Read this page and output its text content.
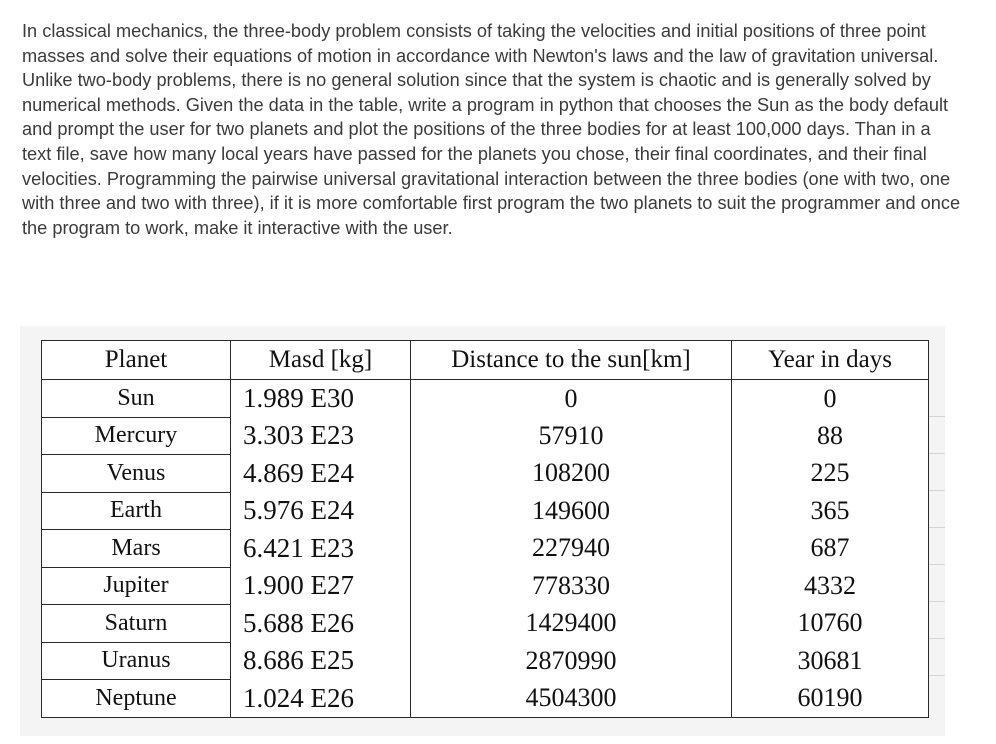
In classical mechanics, the three-body problem consists of taking the velocities and initial positions of three point masses and solve their equations of motion in accordance with Newton's laws and the law of gravitation universal. Unlike two-body problems, there is no general solution since that the system is chaotic and is generally solved by numerical methods. Given the data in the table, write a program in python that chooses the Sun as the body default and prompt the user for two planets and plot the positions of the three bodies for at least 100,000 days. Than in a text file, save how many local years have passed for the planets you chose, their final coordinates, and their final velocities. Programming the pairwise universal gravitational interaction between the three bodies (one with two, one with three and two with three), if it is more comfortable first program the two planets to suit the programmer and once the program to work, make it interactive with the user.

Planet	Masd [kg]	Distance to the sun[km]	Year in days
Sun	1.989 E30	0	0
Mercury	3.303 E23	57910	88
Venus	4.869 E24	108200	225
Earth	5.976 E24	149600	365
Mars	6.421 E23	227940	687
Jupiter	1.900 E27	778330	4332
Saturn	5.688 E26	1429400	10760
Uranus	8.686 E25	2870990	30681
Neptune	1.024 E26	4504300	60190
